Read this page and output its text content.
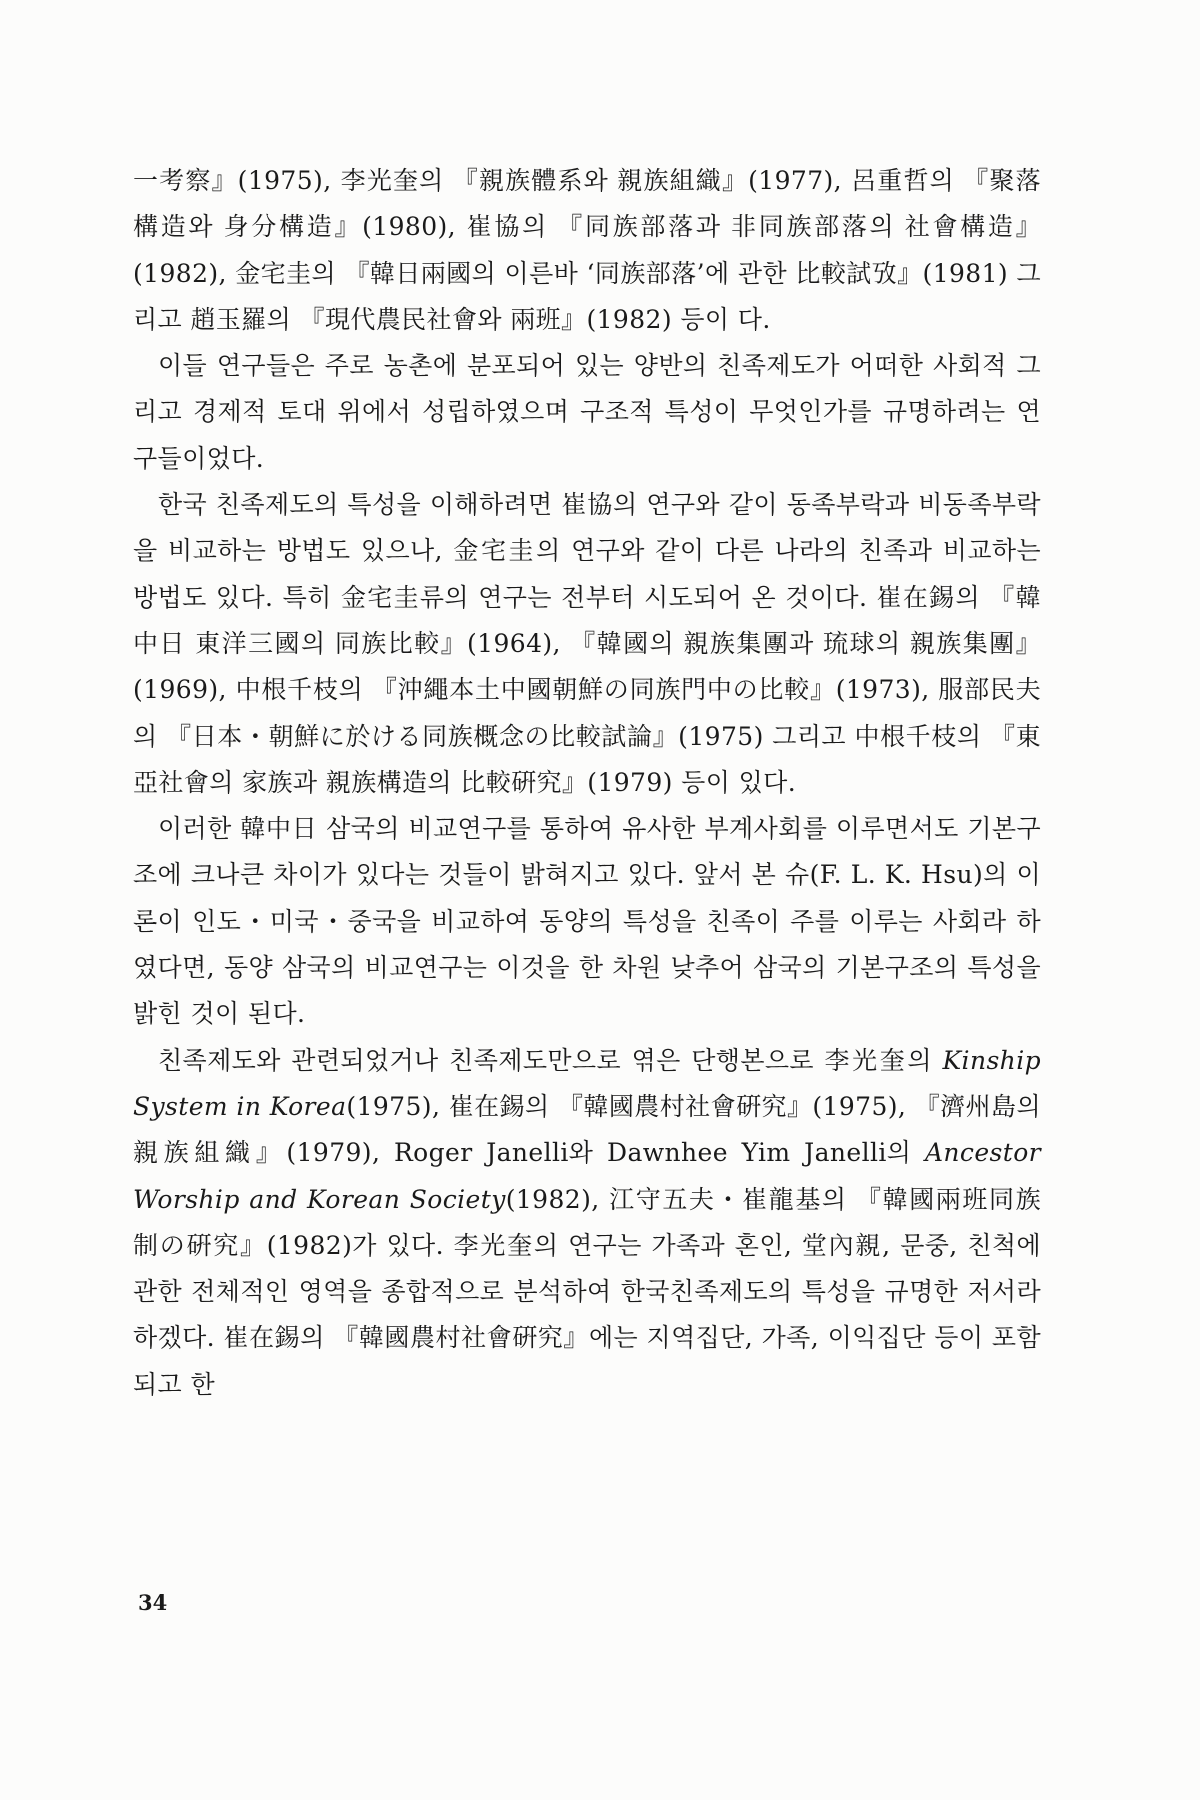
一考察』(1975), 李光奎의 『親族體系와 親族組織』(1977), 呂重哲의 『聚落構造와 身分構造』(1980), 崔協의 『同族部落과 非同族部落의 社會構造』(1982), 金宅圭의 『韓日兩國의 이른바 ‘同族部落’에 관한 比較試攷』(1981) 그리고 趙玉羅의 『現代農民社會와 兩班』(1982) 등이 다.

이들 연구들은 주로 농촌에 분포되어 있는 양반의 친족제도가 어떠한 사회적 그리고 경제적 토대 위에서 성립하였으며 구조적 특성이 무엇인가를 규명하려는 연구들이었다.

한국 친족제도의 특성을 이해하려면 崔協의 연구와 같이 동족부락과 비동족부락을 비교하는 방법도 있으나, 金宅圭의 연구와 같이 다른 나라의 친족과 비교하는 방법도 있다. 특히 金宅圭류의 연구는 전부터 시도되어 온 것이다. 崔在錫의 『韓中日 東洋三國의 同族比較』(1964), 『韓國의 親族集團과 琉球의 親族集團』(1969), 中根千枝의 『沖繩本土中國朝鮮の同族門中の比較』(1973), 服部民夫의 『日本・朝鮮に於ける同族概念の比較試論』(1975) 그리고 中根千枝의 『東亞社會의 家族과 親族構造의 比較硏究』(1979) 등이 있다.

이러한 韓中日 삼국의 비교연구를 통하여 유사한 부계사회를 이루면서도 기본구조에 크나큰 차이가 있다는 것들이 밝혀지고 있다. 앞서 본 슈(F. L. K. Hsu)의 이론이 인도・미국・중국을 비교하여 동양의 특성을 친족이 주를 이루는 사회라 하였다면, 동양 삼국의 비교연구는 이것을 한 차원 낮추어 삼국의 기본구조의 특성을 밝힌 것이 된다.

친족제도와 관련되었거나 친족제도만으로 엮은 단행본으로 李光奎의 Kinship System in Korea(1975), 崔在錫의 『韓國農村社會硏究』(1975), 『濟州島의 親族組織』(1979), Roger Janelli와 Dawnhee Yim Janelli의 Ancestor Worship and Korean Society(1982), 江守五夫・崔龍基의 『韓國兩班同族制の硏究』(1982)가 있다. 李光奎의 연구는 가족과 혼인, 堂內親, 문중, 친척에 관한 전체적인 영역을 종합적으로 분석하여 한국친족제도의 특성을 규명한 저서라 하겠다. 崔在錫의 『韓國農村社會硏究』에는 지역집단, 가족, 이익집단 등이 포함되고 한

34
